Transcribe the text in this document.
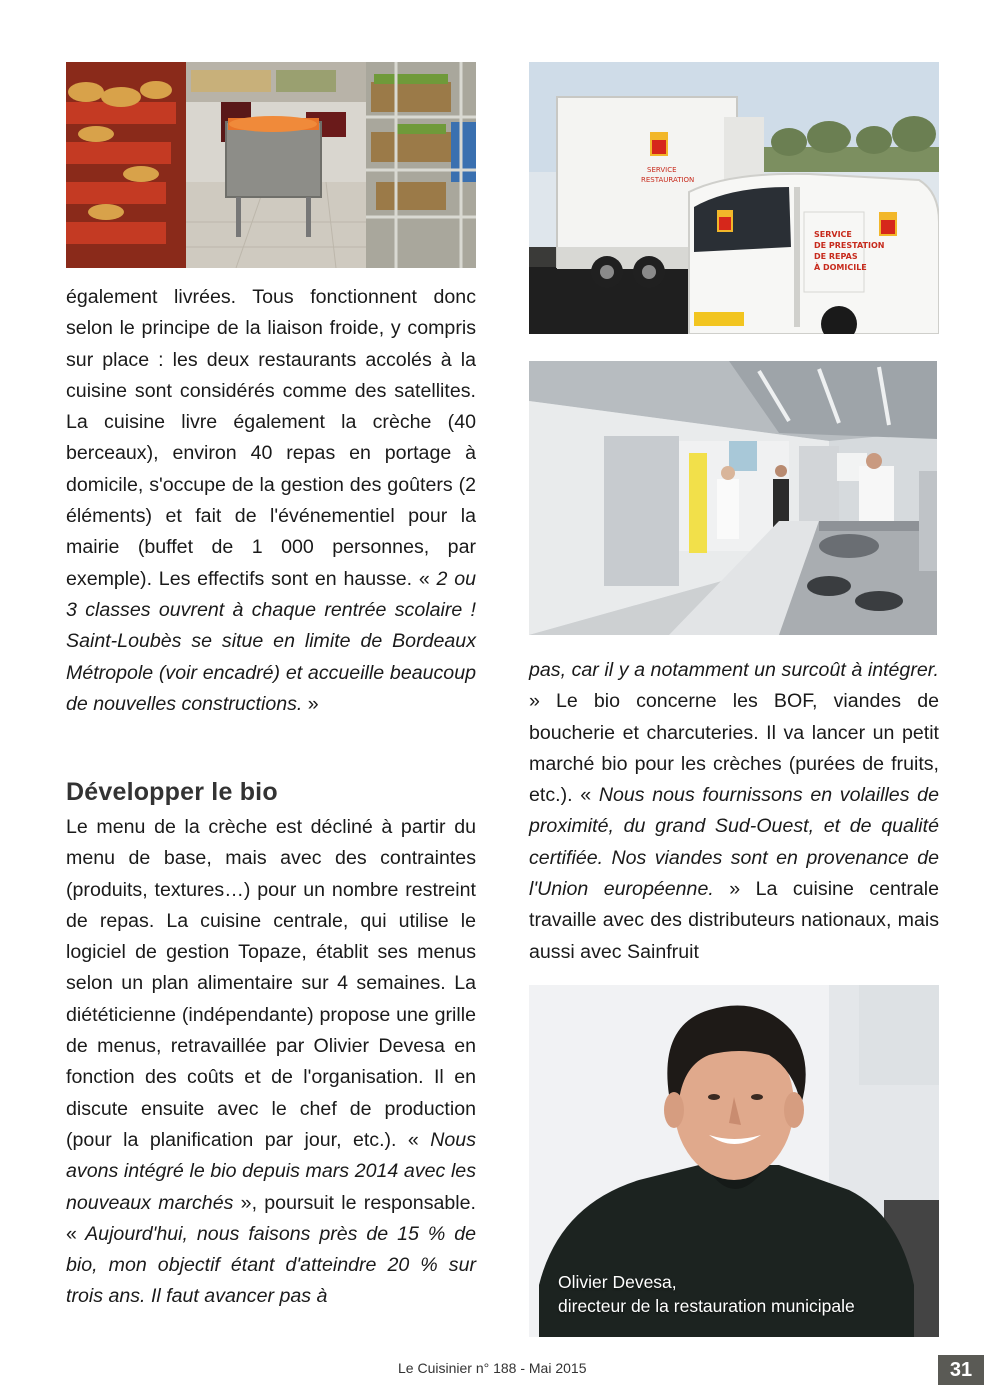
SERVICE
RESTAURATION
SERVICE
DE PRESTATION
DE REPAS
À DOMICILE

également livrées. Tous fonctionnent donc selon le principe de la liaison froide, y compris sur place : les deux restaurants accolés à la cuisine sont considérés comme des satellites. La cuisine livre également la crèche (40 berceaux), environ 40 repas en portage à domicile, s'occupe de la gestion des goûters (2 éléments) et fait de l'événementiel pour la mairie (buffet de 1 000 personnes, par exemple). Les effectifs sont en hausse. « 2 ou 3 classes ouvrent à chaque rentrée scolaire ! Saint-Loubès se situe en limite de Bordeaux Métropole (voir encadré) et accueille beaucoup de nouvelles constructions. »

Développer le bio

Le menu de la crèche est décliné à partir du menu de base, mais avec des contraintes (produits, textures…) pour un nombre restreint de repas. La cuisine centrale, qui utilise le logiciel de gestion Topaze, établit ses menus selon un plan alimentaire sur 4 semaines. La diététicienne (indépendante) propose une grille de menus, retravaillée par Olivier Devesa en fonction des coûts et de l'organisation. Il en discute ensuite avec le chef de production (pour la planification par jour, etc.). « Nous avons intégré le bio depuis mars 2014 avec les nouveaux marchés », poursuit le responsable. « Aujourd'hui, nous faisons près de 15 % de bio, mon objectif étant d'atteindre 20 % sur trois ans. Il faut avancer pas à

pas, car il y a notamment un surcoût à intégrer. » Le bio concerne les BOF, viandes de boucherie et charcuteries. Il va lancer un petit marché bio pour les crèches (purées de fruits, etc.). « Nous nous fournissons en volailles de proximité, du grand Sud-Ouest, et de qualité certifiée. Nos viandes sont en provenance de l'Union européenne. » La cuisine centrale travaille avec des distributeurs nationaux, mais aussi avec Sainfruit

Olivier Devesa,
directeur de la restauration municipale
Le Cuisinier n° 188 - Mai 2015	31
